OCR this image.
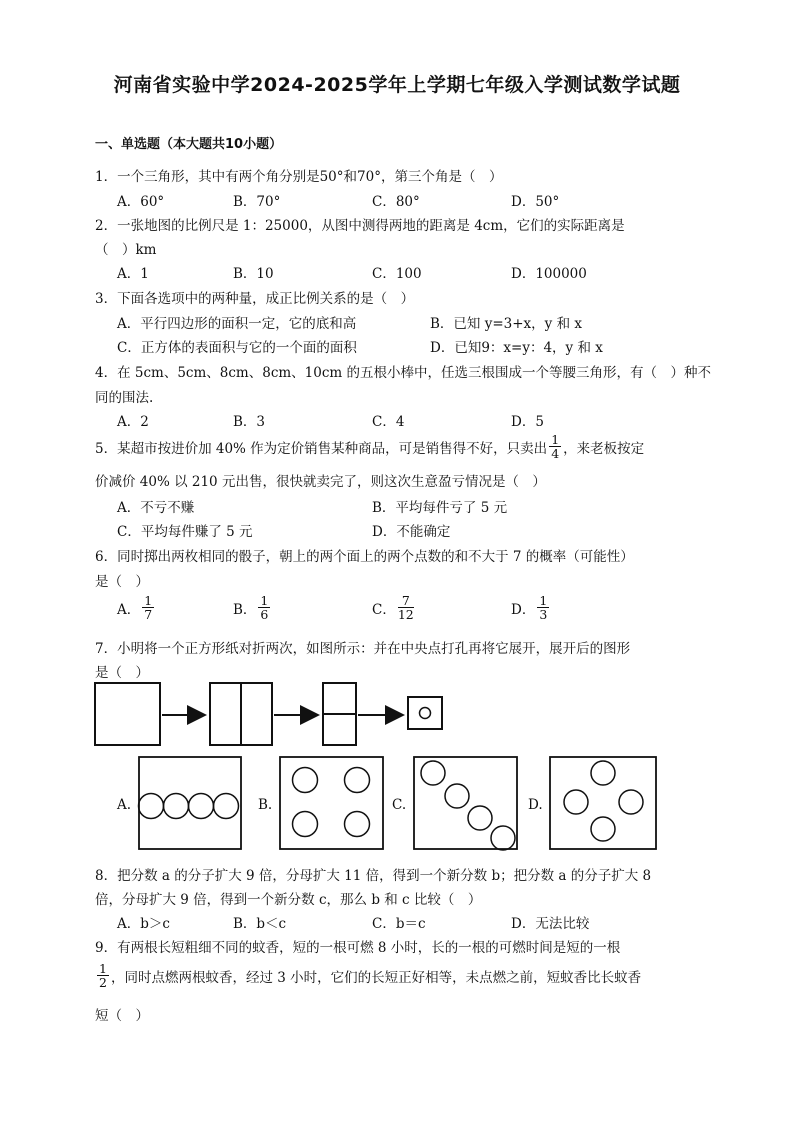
河南省实验中学2024-2025学年上学期七年级入学测试数学试题
一、单选题（本大题共10小题）
1．一个三角形，其中有两个角分别是50°和70°，第三个角是（　）
A．60°	B．70°	C．80°	D．50°
2．一张地图的比例尺是 1：25000，从图中测得两地的距离是 4cm，它们的实际距离是
（　）km
A．1	B．10	C．100	D．100000
3．下面各选项中的两种量，成正比例关系的是（　）
A．平行四边形的面积一定，它的底和高	B．已知 y=3+x，y 和 x
C．正方体的表面积与它的一个面的面积	D．已知9：x=y：4，y 和 x
4．在 5cm、5cm、8cm、8cm、10cm 的五根小棒中，任选三根围成一个等腰三角形，有（　）种不
同的围法.
A．2	B．3	C．4	D．5
5．某超市按进价加 40% 作为定价销售某种商品，可是销售得不好，只卖出 $\frac{1}{4}$ ，来老板按定
价减价 40% 以 210 元出售，很快就卖完了，则这次生意盈亏情况是（　）
A．不亏不赚	B．平均每件亏了 5 元
C．平均每件赚了 5 元	D．不能确定
6．同时掷出两枚相同的骰子，朝上的两个面上的两个点数的和不大于 7 的概率（可能性）
是（　）
A． $\frac{1}{7}$	B． $\frac{1}{6}$	C． $\frac{7}{12}$	D． $\frac{1}{3}$
7．小明将一个正方形纸对折两次，如图所示：并在中央点打孔再将它展开，展开后的图形
是（　）
A.	B.	C.	D.
8．把分数 a 的分子扩大 9 倍，分母扩大 11 倍，得到一个新分数 b；把分数 a 的分子扩大 8
倍，分母扩大 9 倍，得到一个新分数 c，那么 b 和 c 比较（　）
A．b＞c	B．b＜c	C．b＝c	D．无法比较
9．有两根长短粗细不同的蚊香，短的一根可燃 8 小时，长的一根的可燃时间是短的一根
$\frac{1}{2}$ ，同时点燃两根蚊香，经过 3 小时，它们的长短正好相等，未点燃之前，短蚊香比长蚊香
短（　）
